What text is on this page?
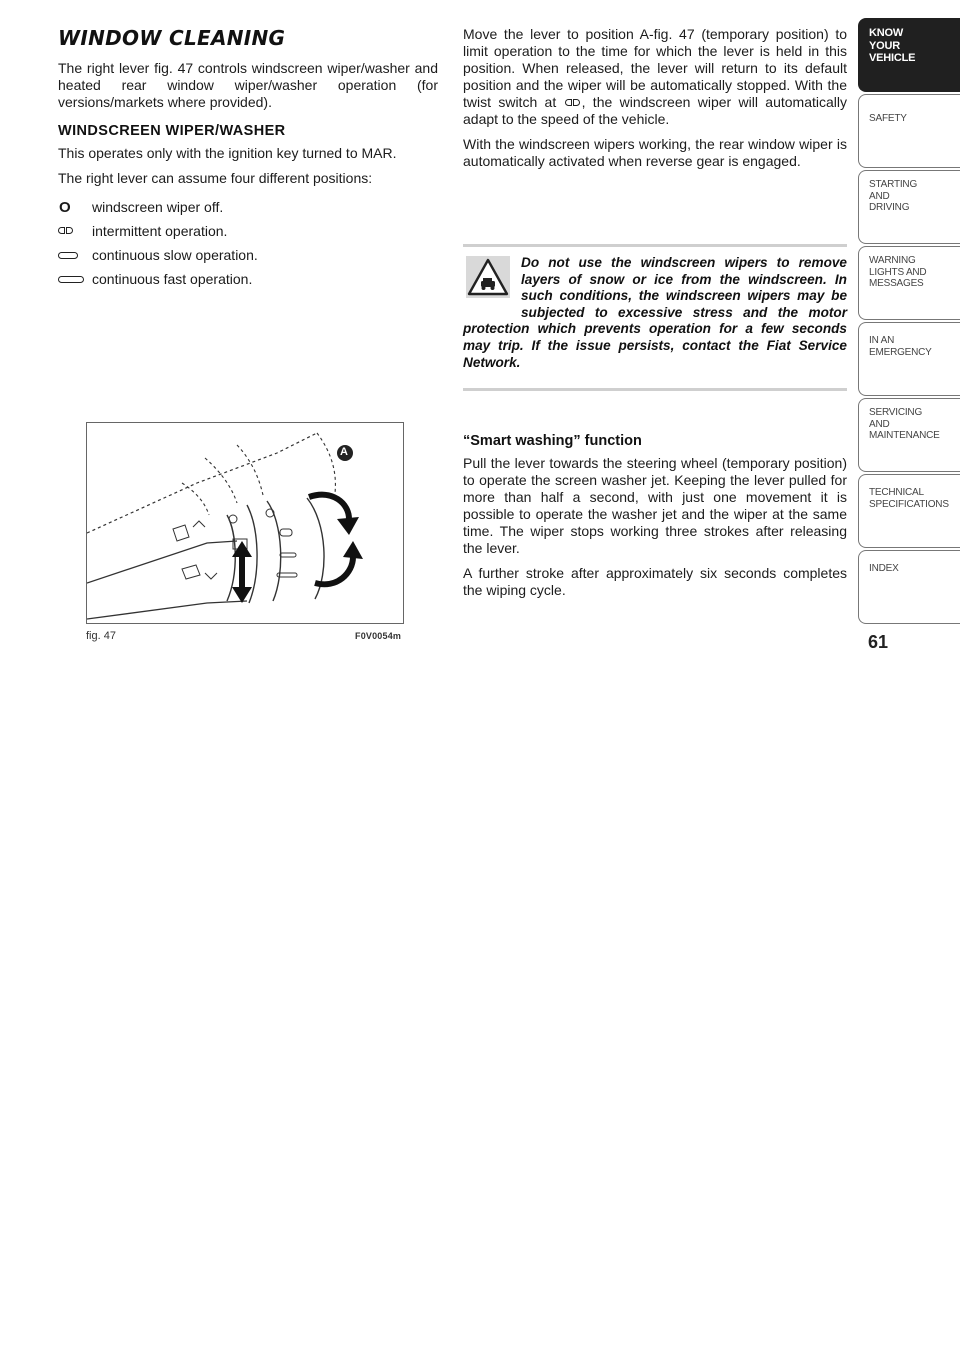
WINDOW CLEANING

The right lever fig. 47 controls windscreen wiper/washer and heated rear window wiper/washer operation (for versions/markets where provided).

WINDSCREEN WIPER/WASHER

This operates only with the ignition key turned to MAR.

The right lever can assume four different positions:

O windscreen wiper off.
intermittent operation.
continuous slow operation.
continuous fast operation.
A
fig. 47	F0V0054m

Move the lever to position A-fig. 47 (temporary position) to limit operation to the time for which the lever is held in this position. When released, the lever will return to its default position and the wiper will be automatically stopped. With the twist switch at , the windscreen wiper will automatically adapt to the speed of the vehicle.

With the windscreen wipers working, the rear window wiper is automatically activated when reverse gear is engaged.

Do not use the windscreen wipers to remove layers of snow or ice from the windscreen. In such conditions, the windscreen wipers may be subjected to excessive stress and the motor protection which prevents operation for a few seconds may trip. If the issue persists, contact the Fiat Service Network.
“Smart washing” function

Pull the lever towards the steering wheel (temporary position) to operate the screen washer jet. Keeping the lever pulled for more than half a second, with just one movement it is possible to operate the washer jet and the wiper at the same time. The wiper stops working three strokes after releasing the lever.

A further stroke after approximately six seconds completes the wiping cycle.

KNOW
YOUR
VEHICLE
SAFETY
STARTING
AND
DRIVING
WARNING
LIGHTS AND
MESSAGES
IN AN
EMERGENCY
SERVICING
AND
MAINTENANCE
TECHNICAL
SPECIFICATIONS
INDEX
61
